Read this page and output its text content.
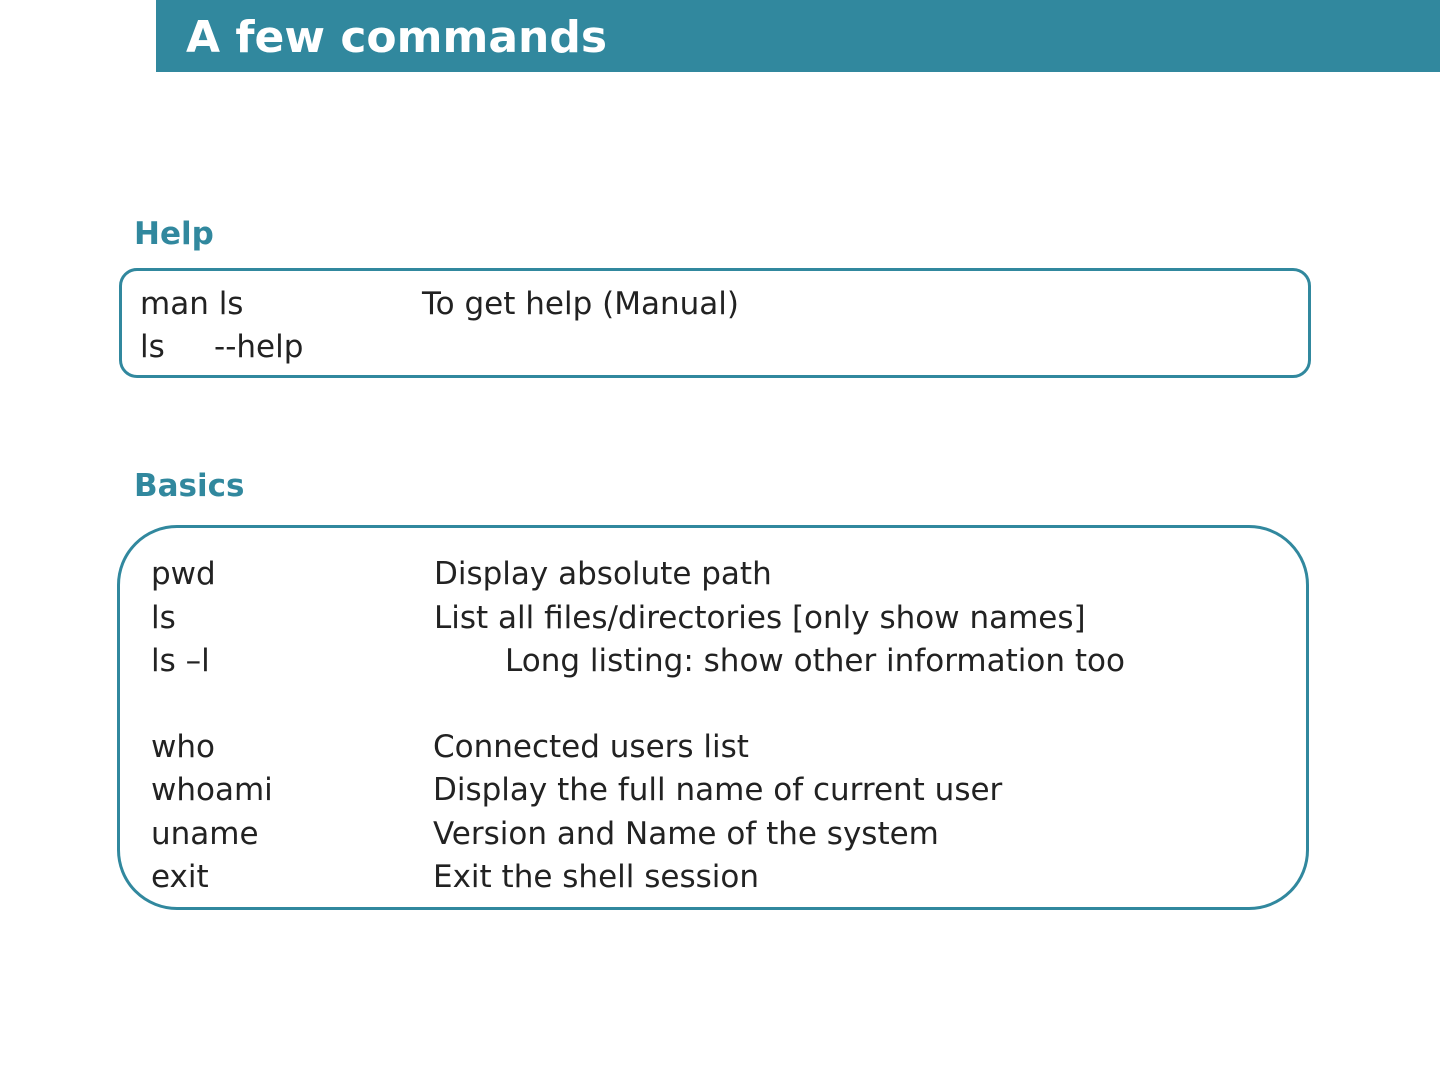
A few commands
Help
man ls	To get help (Manual)
ls     --help
Basics
pwd	Display absolute path
ls	List all files/directories [only show names]
ls –l	Long listing: show other information too
who	Connected users list
whoami	Display the full name of current user
uname	Version and Name of the system
exit	Exit the shell session
